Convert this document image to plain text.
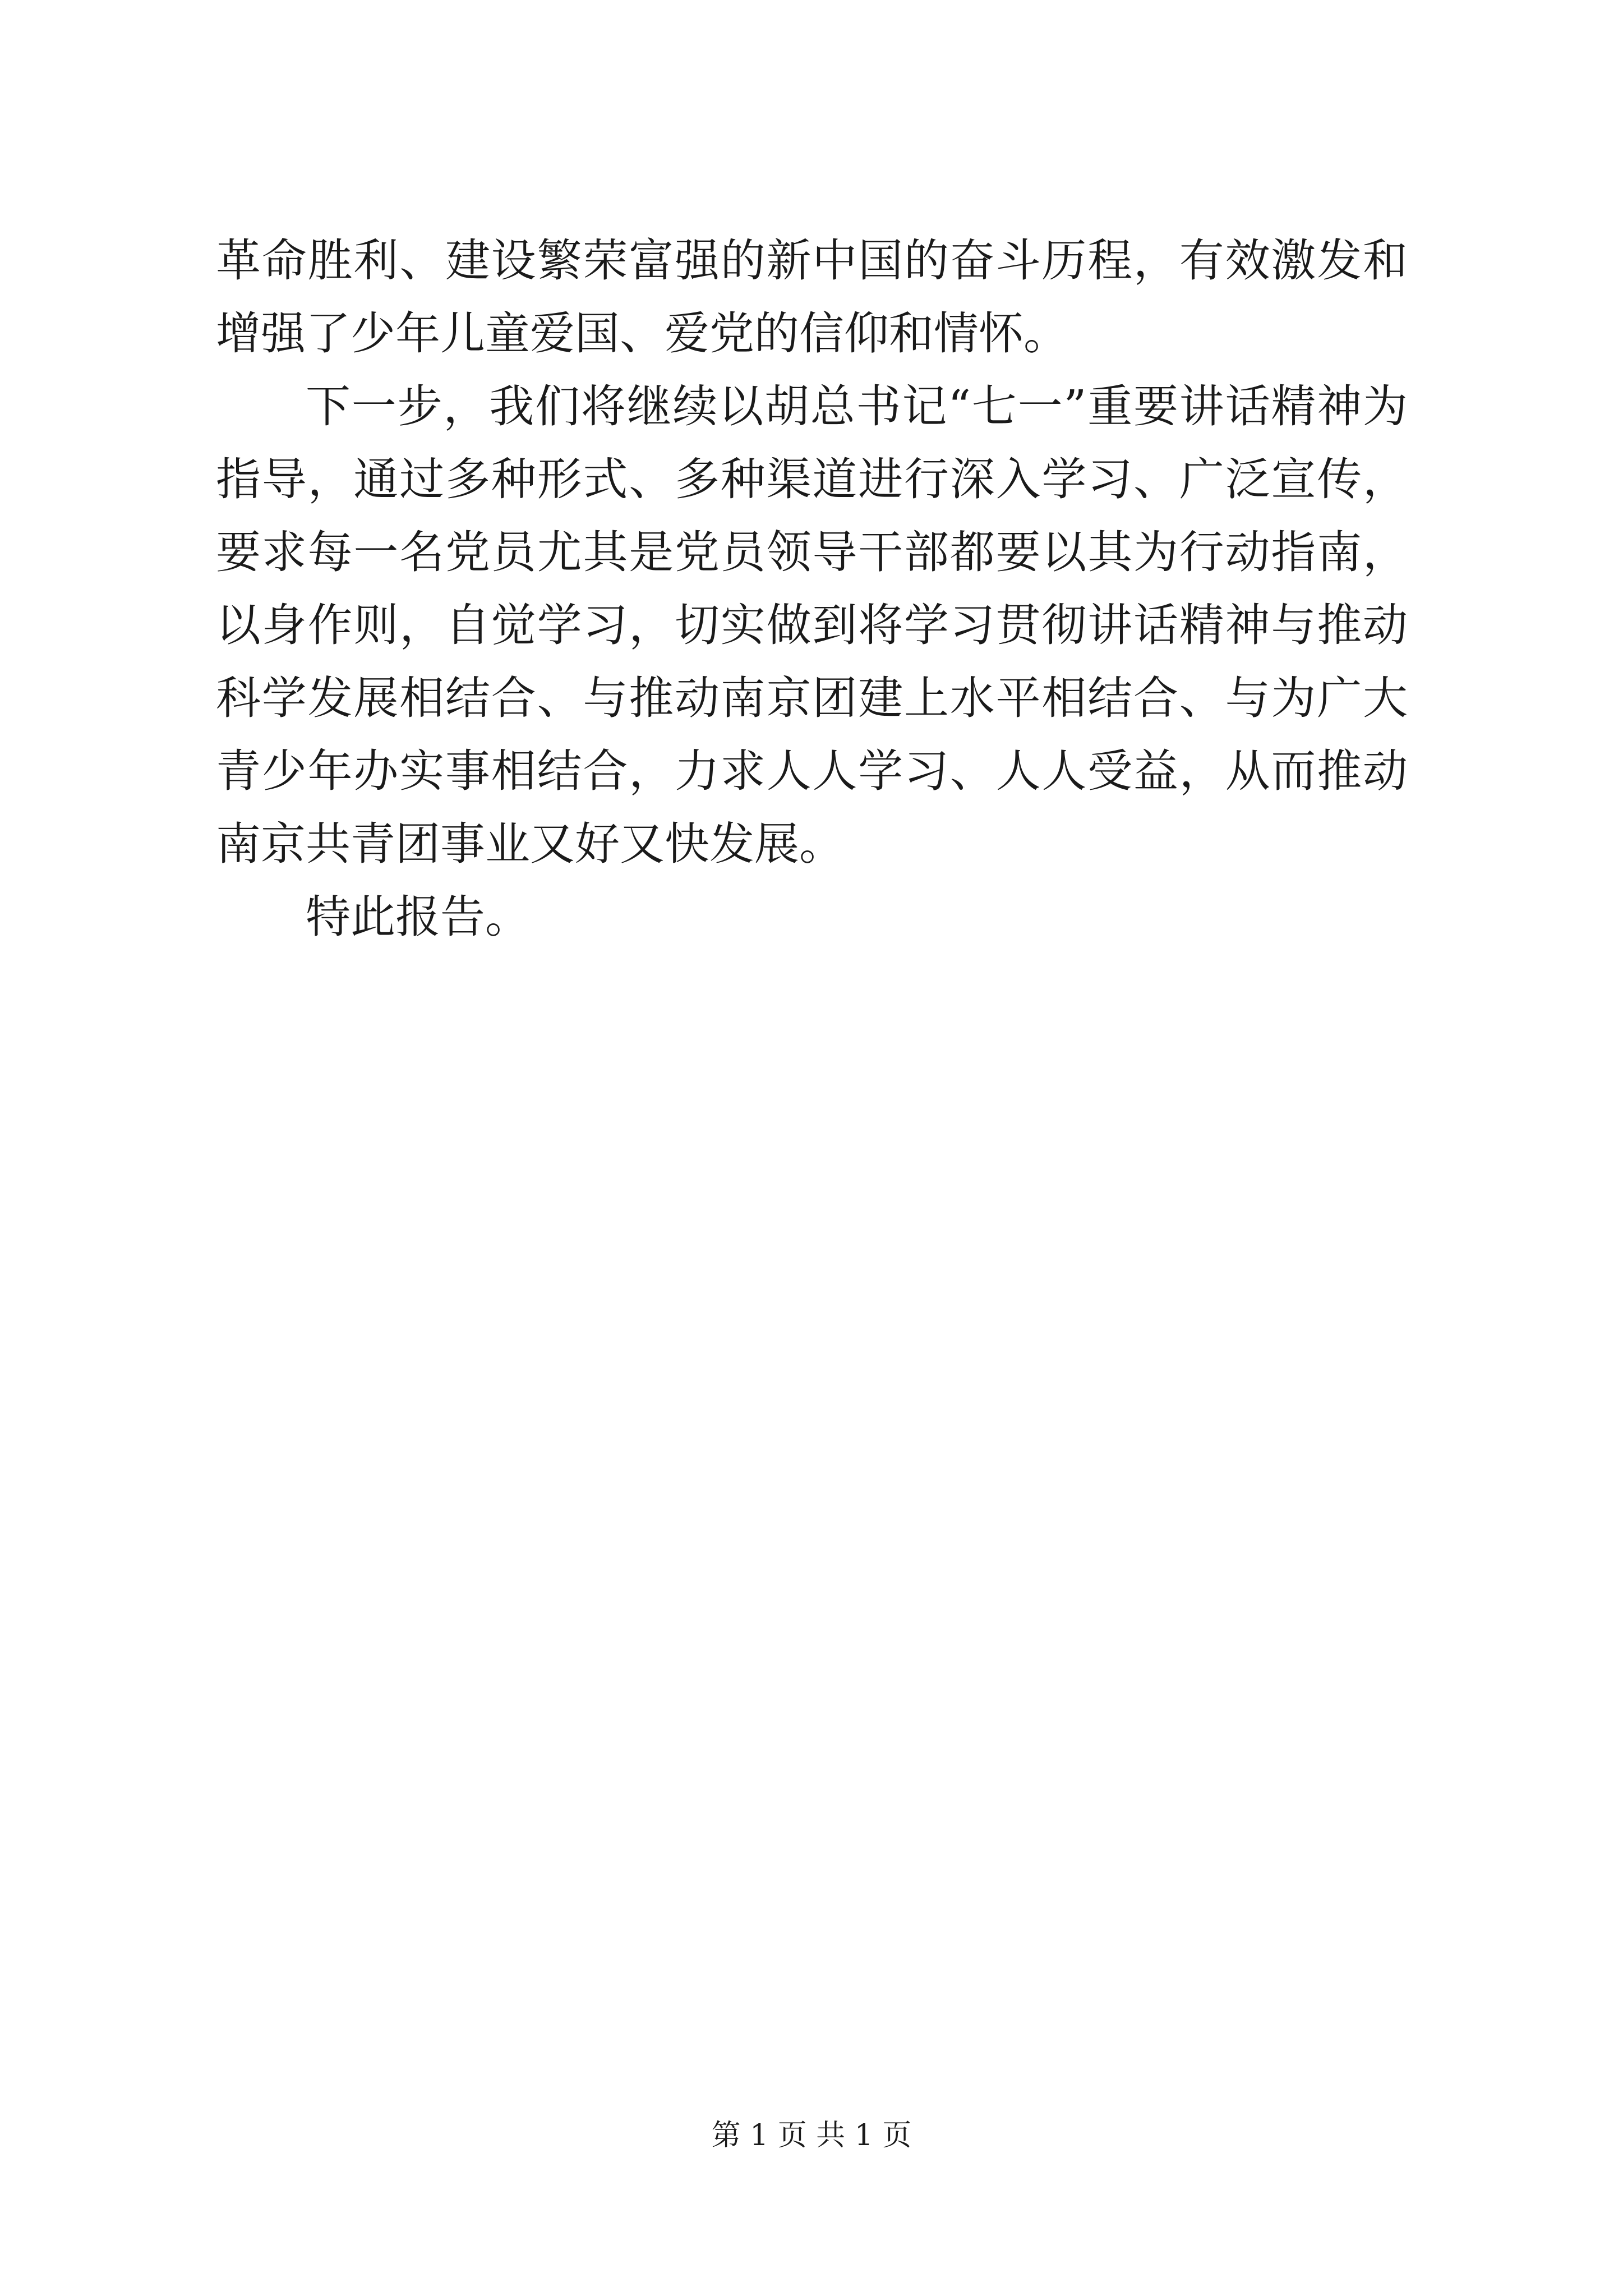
革命胜利、建设繁荣富强的新中国的奋斗历程，有效激发和增强了少年儿童爱国、爱党的信仰和情怀。

下一步，我们将继续以胡总书记“七一”重要讲话精神为指导，通过多种形式、多种渠道进行深入学习、广泛宣传，要求每一名党员尤其是党员领导干部都要以其为行动指南，以身作则，自觉学习，切实做到将学习贯彻讲话精神与推动科学发展相结合、与推动南京团建上水平相结合、与为广大青少年办实事相结合，力求人人学习、人人受益，从而推动南京共青团事业又好又快发展。

特此报告。

第 1 页 共 1 页
